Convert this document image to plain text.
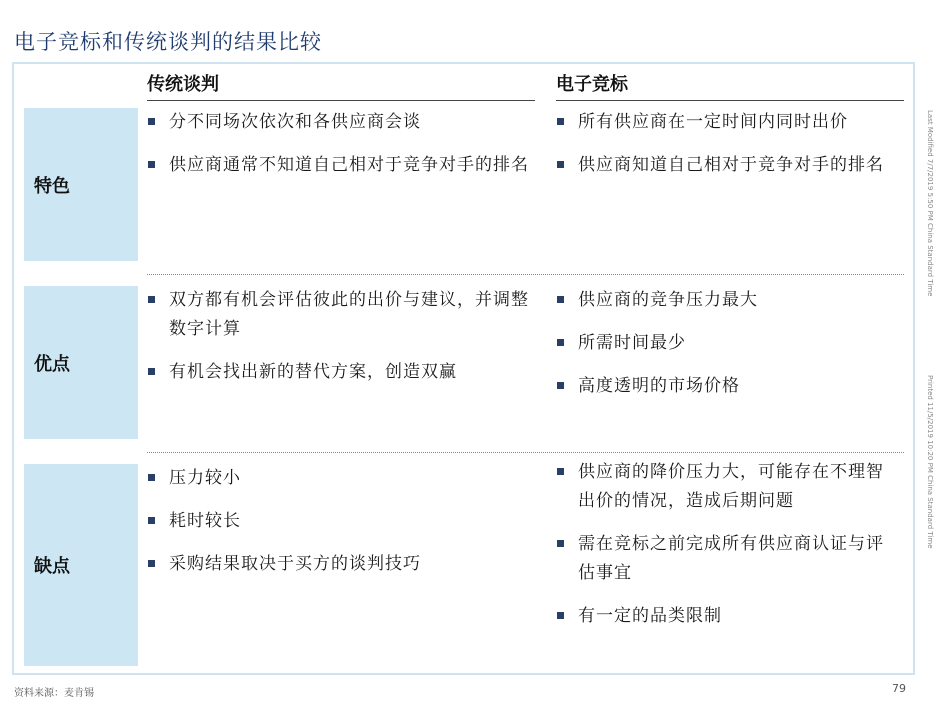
电子竞标和传统谈判的结果比较
传统谈判	电子竞标
特色
分不同场次依次和各供应商会谈
供应商通常不知道自己相对于竞争对手的排名
所有供应商在一定时间内同时出价
供应商知道自己相对于竞争对手的排名
优点
双方都有机会评估彼此的出价与建议，并调整数字计算
有机会找出新的替代方案，创造双赢
供应商的竞争压力最大
所需时间最少
高度透明的市场价格
缺点
压力较小
耗时较长
采购结果取决于买方的谈判技巧
供应商的降价压力大，可能存在不理智出价的情况，造成后期问题
需在竞标之前完成所有供应商认证与评估事宜
有一定的品类限制
资料来源：麦肯锡	79
Last Modified 7/7/2019 5:50 PM China Standard Time
Printed 11/5/2019 10:20 PM China Standard Time
